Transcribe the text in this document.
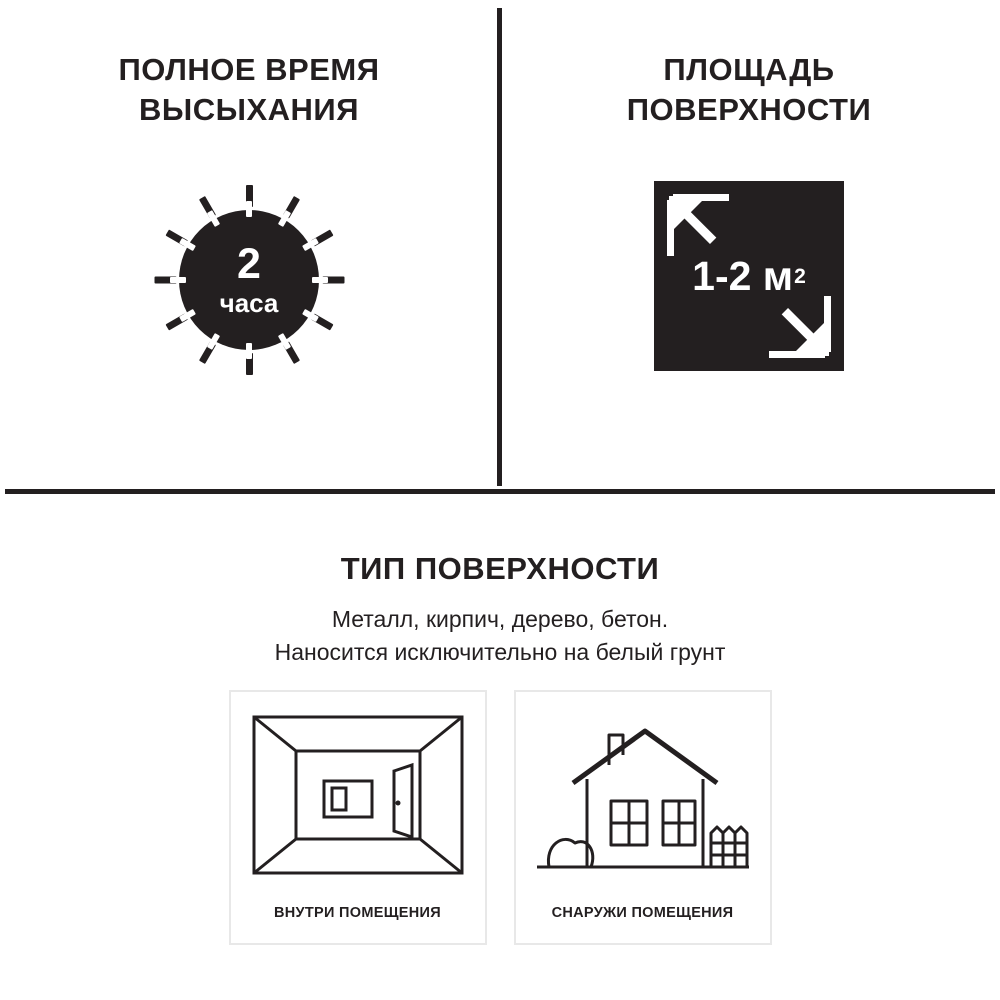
ПОЛНОЕ ВРЕМЯ ВЫСЫХАНИЯ
2
часа
ПЛОЩАДЬ ПОВЕРХНОСТИ
1-2 м 2
ТИП ПОВЕРХНОСТИ

Металл, кирпич, дерево, бетон.
Наносится исключительно на белый грунт

ВНУТРИ ПОМЕЩЕНИЯ	СНАРУЖИ ПОМЕЩЕНИЯ
